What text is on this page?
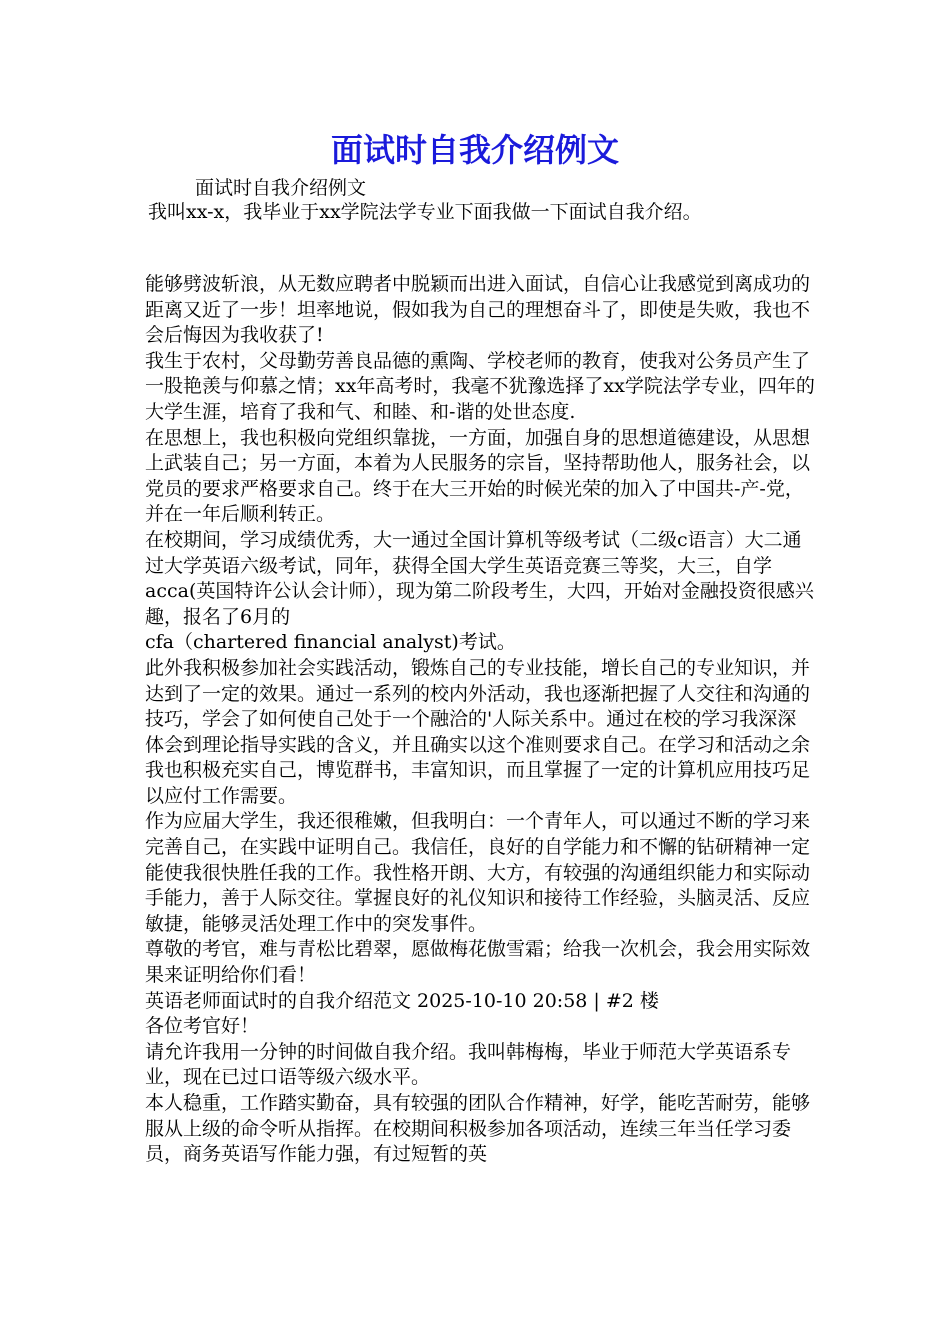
面试时自我介绍例文

面试时自我介绍例文

我叫xx-x，我毕业于xx学院法学专业下面我做一下面试自我介绍。

能够劈波斩浪，从无数应聘者中脱颖而出进入面试，自信心让我感觉到离成功的距离又近了一步！坦率地说，假如我为自己的理想奋斗了，即使是失败，我也不会后悔因为我收获了!

我生于农村，父母勤劳善良品德的熏陶、学校老师的教育，使我对公务员产生了一股艳羡与仰慕之情；xx年高考时，我毫不犹豫选择了xx学院法学专业，四年的大学生涯，培育了我和气、和睦、和-谐的处世态度.

在思想上，我也积极向党组织靠拢，一方面，加强自身的思想道德建设，从思想上武装自己；另一方面，本着为人民服务的宗旨，坚持帮助他人，服务社会，以党员的要求严格要求自己。终于在大三开始的时候光荣的加入了中国共-产-党，并在一年后顺利转正。

在校期间，学习成绩优秀，大一通过全国计算机等级考试（二级c语言）大二通过大学英语六级考试，同年，获得全国大学生英语竞赛三等奖，大三，自学acca(英国特许公认会计师），现为第二阶段考生，大四，开始对金融投资很感兴趣，报名了6月的

cfa（chartered financial analyst)考试。

此外我积极参加社会实践活动，锻炼自己的专业技能，增长自己的专业知识，并达到了一定的效果。通过一系列的校内外活动，我也逐渐把握了人交往和沟通的技巧，学会了如何使自己处于一个融洽的'人际关系中。通过在校的学习我深深体会到理论指导实践的含义，并且确实以这个准则要求自己。在学习和活动之余我也积极充实自己，博览群书，丰富知识，而且掌握了一定的计算机应用技巧足以应付工作需要。

作为应届大学生，我还很稚嫩，但我明白：一个青年人，可以通过不断的学习来完善自己，在实践中证明自己。我信任，良好的自学能力和不懈的钻研精神一定能使我很快胜任我的工作。我性格开朗、大方，有较强的沟通组织能力和实际动手能力，善于人际交往。掌握良好的礼仪知识和接待工作经验，头脑灵活、反应敏捷，能够灵活处理工作中的突发事件。

尊敬的考官，难与青松比碧翠，愿做梅花傲雪霜；给我一次机会，我会用实际效果来证明给你们看！

英语老师面试时的自我介绍范文 2025-10-10 20:58 | #2 楼

各位考官好！

请允许我用一分钟的时间做自我介绍。我叫韩梅梅，毕业于师范大学英语系专业，现在已过口语等级六级水平。

本人稳重，工作踏实勤奋，具有较强的团队合作精神，好学，能吃苦耐劳，能够服从上级的命令听从指挥。在校期间积极参加各项活动，连续三年当任学习委员，商务英语写作能力强，有过短暂的英
